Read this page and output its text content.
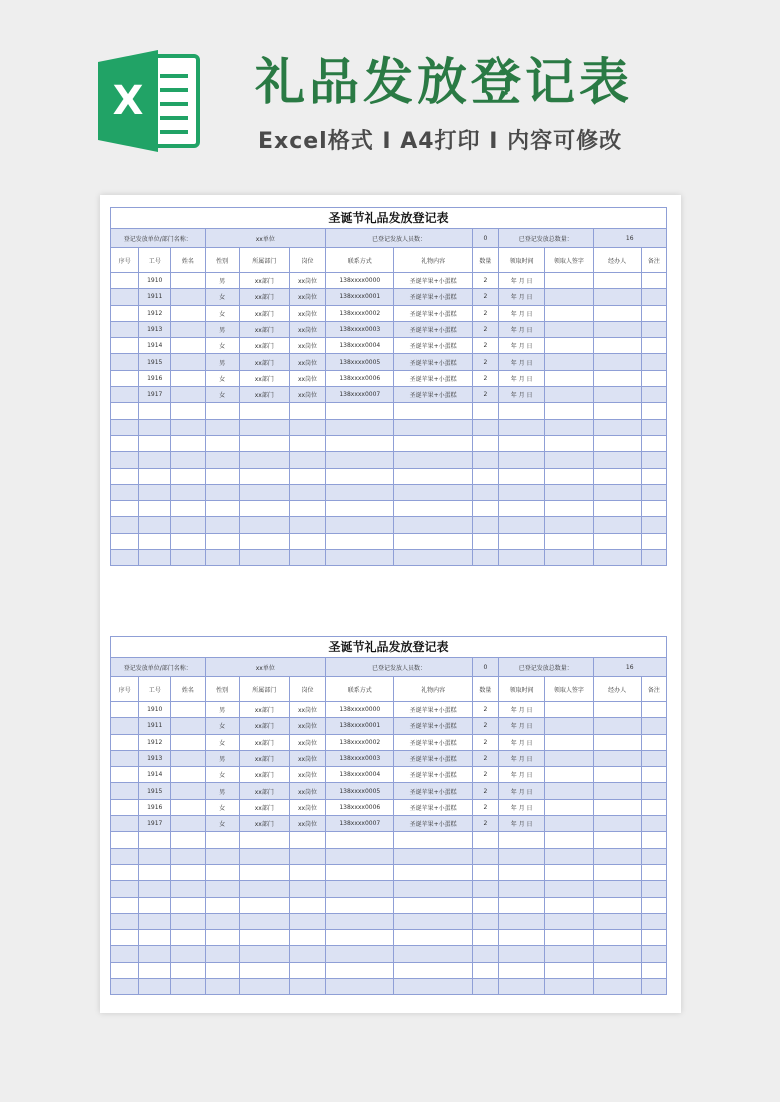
X 礼品发放登记表
Excel格式 I A4打印 I 内容可修改
圣诞节礼品发放登记表
登记发放单位/部门名称：			xx单位			已登记发放人员数：		0	已登记发放总数量：		16	
序号	工号	姓名	性别	所属部门	岗位	联系方式	礼物内容	数量	领取时间	领取人签字	经办人	备注
	1910		男	xx部门	xx岗位	138xxxx0000	圣诞苹果+小蛋糕	2	年 月 日			
	1911		女	xx部门	xx岗位	138xxxx0001	圣诞苹果+小蛋糕	2	年 月 日			
	1912		女	xx部门	xx岗位	138xxxx0002	圣诞苹果+小蛋糕	2	年 月 日			
	1913		男	xx部门	xx岗位	138xxxx0003	圣诞苹果+小蛋糕	2	年 月 日			
	1914		女	xx部门	xx岗位	138xxxx0004	圣诞苹果+小蛋糕	2	年 月 日			
	1915		男	xx部门	xx岗位	138xxxx0005	圣诞苹果+小蛋糕	2	年 月 日			
	1916		女	xx部门	xx岗位	138xxxx0006	圣诞苹果+小蛋糕	2	年 月 日			
	1917		女	xx部门	xx岗位	138xxxx0007	圣诞苹果+小蛋糕	2	年 月 日			

圣诞节礼品发放登记表
登记发放单位/部门名称：			xx单位			已登记发放人员数：		0	已登记发放总数量：		16	
序号	工号	姓名	性别	所属部门	岗位	联系方式	礼物内容	数量	领取时间	领取人签字	经办人	备注
	1910		男	xx部门	xx岗位	138xxxx0000	圣诞苹果+小蛋糕	2	年 月 日			
	1911		女	xx部门	xx岗位	138xxxx0001	圣诞苹果+小蛋糕	2	年 月 日			
	1912		女	xx部门	xx岗位	138xxxx0002	圣诞苹果+小蛋糕	2	年 月 日			
	1913		男	xx部门	xx岗位	138xxxx0003	圣诞苹果+小蛋糕	2	年 月 日			
	1914		女	xx部门	xx岗位	138xxxx0004	圣诞苹果+小蛋糕	2	年 月 日			
	1915		男	xx部门	xx岗位	138xxxx0005	圣诞苹果+小蛋糕	2	年 月 日			
	1916		女	xx部门	xx岗位	138xxxx0006	圣诞苹果+小蛋糕	2	年 月 日			
	1917		女	xx部门	xx岗位	138xxxx0007	圣诞苹果+小蛋糕	2	年 月 日			
